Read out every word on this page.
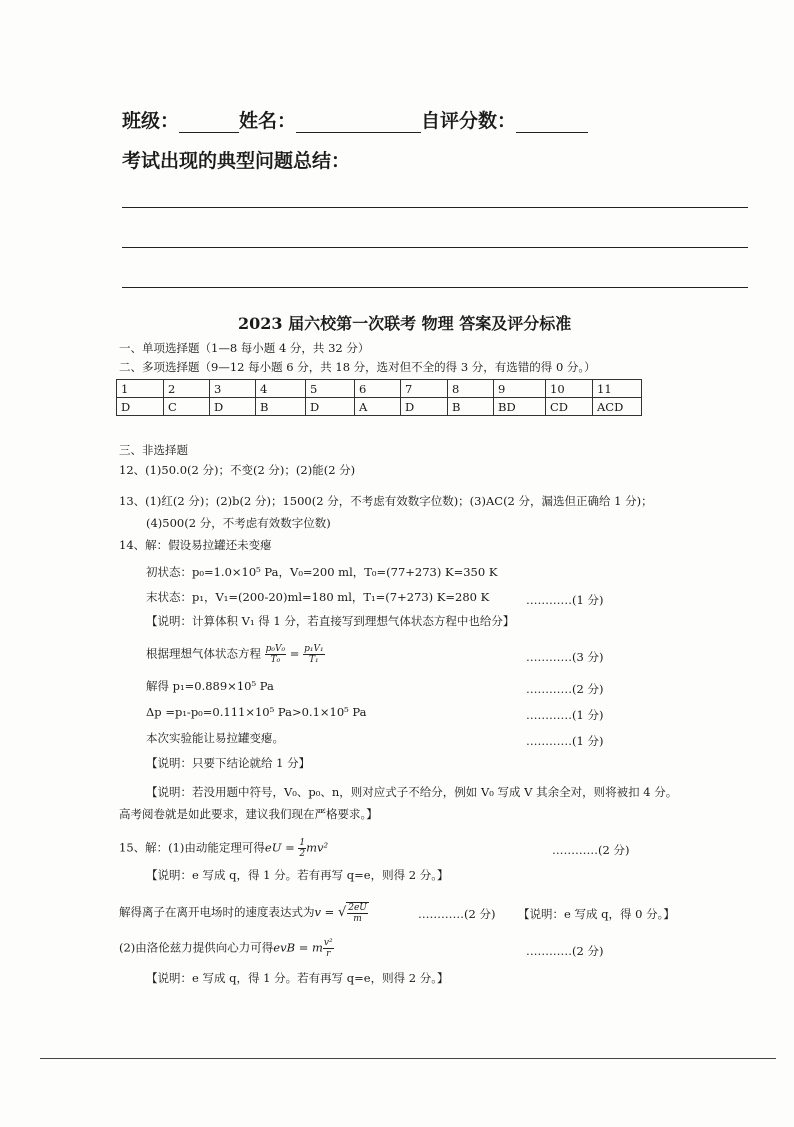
班级：	姓名：	自评分数：
考试出现的典型问题总结：
2023 届六校第一次联考 物理 答案及评分标准
一、单项选择题（1—8 每小题 4 分，共 32 分）
二、多项选择题（9—12 每小题 6 分，共 18 分，选对但不全的得 3 分，有选错的得 0 分。）
1	2	3	4	5	6	7	8	9	10	11
D	C	D	B	D	A	D	B	BD	CD	ACD
三、非选择题
12、(1)50.0(2 分)；不变(2 分)；(2)能(2 分)
13、(1)红(2 分)；(2)b(2 分)；1500(2 分，不考虑有效数字位数)；(3)AC(2 分，漏选但正确给 1 分)；
(4)500(2 分，不考虑有效数字位数)
14、解：假设易拉罐还未变瘪
初状态：p₀=1.0×10⁵ Pa，V₀=200 ml，T₀=(77+273) K=350 K
末状态：p₁，V₁=(200-20)ml=180 ml，T₁=(7+273) K=280 K	…………(1 分)
【说明：计算体积 V₁ 得 1 分，若直接写到理想气体状态方程中也给分】
根据理想气体状态方程 $\frac{\text{p₀V₀}}{\text{T₀}} = \frac{\text{p₁V₁}}{\text{T₁}}$	…………(3 分)
解得 p₁=0.889×10⁵ Pa	…………(2 分)
Δp =p₁-p₀=0.111×10⁵ Pa>0.1×10⁵ Pa	…………(1 分)
本次实验能让易拉罐变瘪。	…………(1 分)
【说明：只要下结论就给 1 分】
【说明：若没用题中符号，V₀、p₀、n，则对应式子不给分，例如 V₀ 写成 V 其余全对，则将被扣 4 分。
高考阅卷就是如此要求，建议我们现在严格要求。】
15、解：(1)由动能定理可得eU = $\frac{1}{2} mv^2$	…………(2 分)
【说明：e 写成 q，得 1 分。若有再写 q=e，则得 2 分。】
解得离子在离开电场时的速度表达式为v = √ $\frac{2eU}{m}$	…………(2 分) 【说明：e 写成 q，得 0 分。】
(2)由洛伦兹力提供向心力可得evB = m $\frac{\text{v²}}{r}$	…………(2 分)
【说明：e 写成 q，得 1 分。若有再写 q=e，则得 2 分。】
